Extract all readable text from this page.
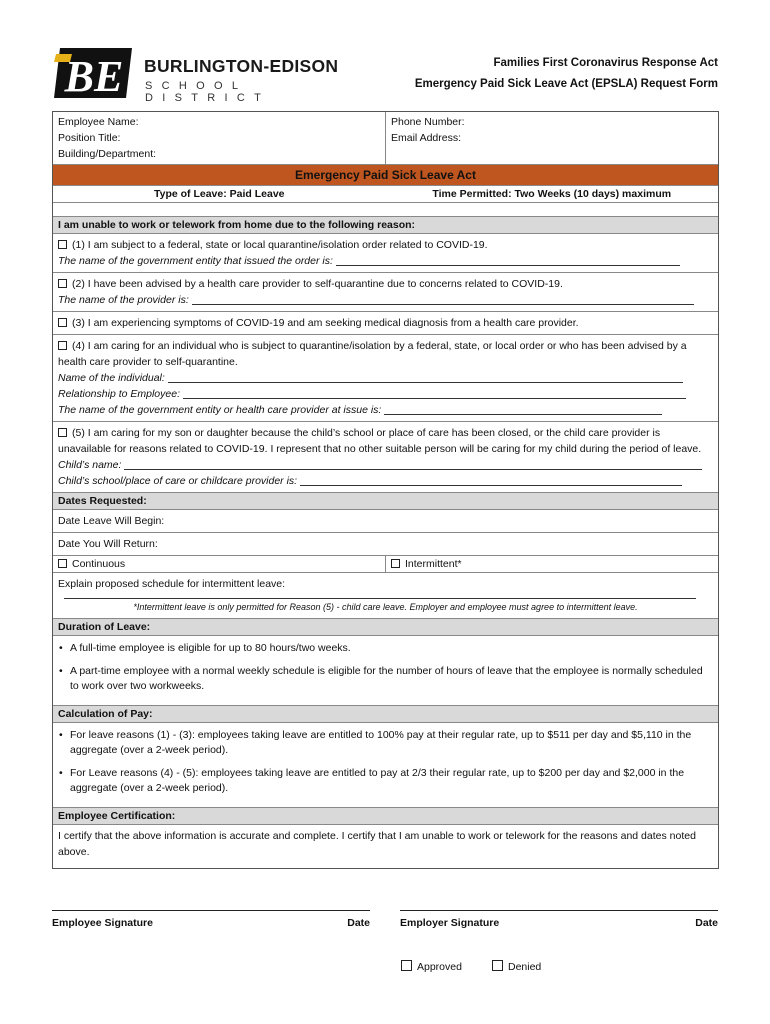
BE BURLINGTON-EDISON
SCHOOL DISTRICT
Families First Coronavirus Response Act
Emergency Paid Sick Leave Act (EPSLA) Request Form
Employee Name:
Position Title:
Building/Department:
Phone Number:
Email Address:
Emergency Paid Sick Leave Act
Type of Leave: Paid Leave	Time Permitted: Two Weeks (10 days) maximum
I am unable to work or telework from home due to the following reason:
(1) I am subject to a federal, state or local quarantine/isolation order related to COVID-19.
The name of the government entity that issued the order is:
(2) I have been advised by a health care provider to self-quarantine due to concerns related to COVID-19.
The name of the provider is:
(3) I am experiencing symptoms of COVID-19 and am seeking medical diagnosis from a health care provider.
(4) I am caring for an individual who is subject to quarantine/isolation by a federal, state, or local order or who has been advised by a health care provider to self-quarantine.
Name of the individual:
Relationship to Employee:
The name of the government entity or health care provider at issue is:
(5) I am caring for my son or daughter because the child’s school or place of care has been closed, or the child care provider is unavailable for reasons related to COVID-19. I represent that no other suitable person will be caring for my child during the period of leave.
Child’s name:
Child’s school/place of care or childcare provider is:
Dates Requested:
Date Leave Will Begin:
Date You Will Return:
Continuous	Intermittent*
Explain proposed schedule for intermittent leave:
*Intermittent leave is only permitted for Reason (5) - child care leave. Employer and employee must agree to intermittent leave.
Duration of Leave:
• A full-time employee is eligible for up to 80 hours/two weeks.
• A part-time employee with a normal weekly schedule is eligible for the number of hours of leave that the employee is normally scheduled to work over two workweeks.
Calculation of Pay:
• For leave reasons (1) - (3): employees taking leave are entitled to 100% pay at their regular rate, up to $511 per day and $5,110 in the aggregate (over a 2-week period).
• For Leave reasons (4) - (5): employees taking leave are entitled to pay at 2/3 their regular rate, up to $200 per day and $2,000 in the aggregate (over a 2-week period).
Employee Certification:
I certify that the above information is accurate and complete. I certify that I am unable to work or telework for the reasons and dates noted above.
Employee Signature	Date	Employer Signature	Date
Approved	Denied
